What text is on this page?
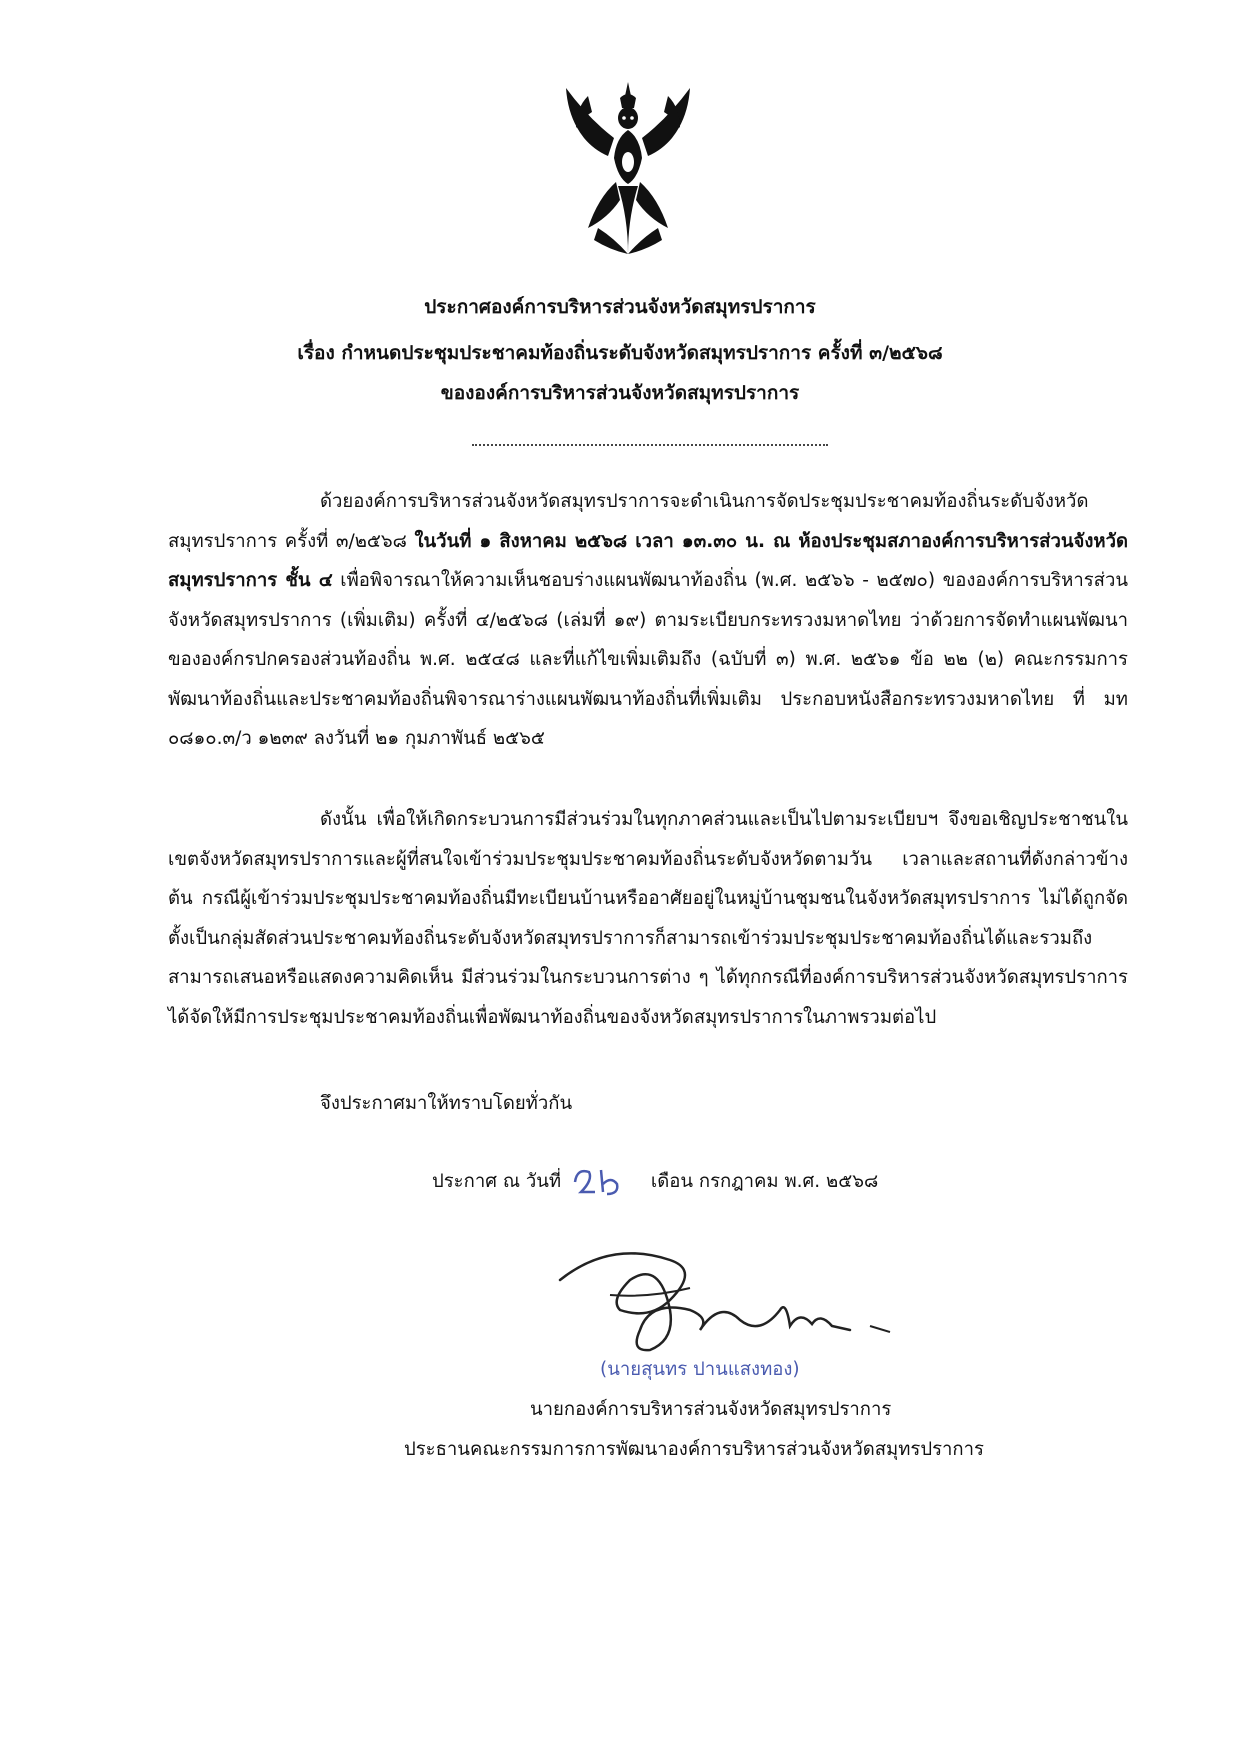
ประกาศองค์การบริหารส่วนจังหวัดสมุทรปราการ
เรื่อง กำหนดประชุมประชาคมท้องถิ่นระดับจังหวัดสมุทรปราการ ครั้งที่ ๓/๒๕๖๘
ขององค์การบริหารส่วนจังหวัดสมุทรปราการ
ด้วยองค์การบริหารส่วนจังหวัดสมุทรปราการจะดำเนินการจัดประชุมประชาคมท้องถิ่นระดับจังหวัดสมุทรปราการ ครั้งที่ ๓/๒๕๖๘ ในวันที่ ๑ สิงหาคม ๒๕๖๘ เวลา ๑๓.๓๐ น. ณ ห้องประชุมสภาองค์การบริหารส่วนจังหวัดสมุทรปราการ ชั้น ๔ เพื่อพิจารณาให้ความเห็นชอบร่างแผนพัฒนาท้องถิ่น (พ.ศ. ๒๕๖๖ - ๒๕๗๐) ขององค์การบริหารส่วนจังหวัดสมุทรปราการ (เพิ่มเติม) ครั้งที่ ๔/๒๕๖๘ (เล่มที่ ๑๙) ตามระเบียบกระทรวงมหาดไทย ว่าด้วยการจัดทำแผนพัฒนาขององค์กรปกครองส่วนท้องถิ่น พ.ศ. ๒๕๔๘ และที่แก้ไขเพิ่มเติมถึง (ฉบับที่ ๓) พ.ศ. ๒๕๖๑ ข้อ ๒๒ (๒) คณะกรรมการพัฒนาท้องถิ่นและประชาคมท้องถิ่นพิจารณาร่างแผนพัฒนาท้องถิ่นที่เพิ่มเติม ประกอบหนังสือกระทรวงมหาดไทย ที่ มท ๐๘๑๐.๓/ว ๑๒๓๙ ลงวันที่ ๒๑ กุมภาพันธ์ ๒๕๖๕
ดังนั้น เพื่อให้เกิดกระบวนการมีส่วนร่วมในทุกภาคส่วนและเป็นไปตามระเบียบฯ จึงขอเชิญประชาชนในเขตจังหวัดสมุทรปราการและผู้ที่สนใจเข้าร่วมประชุมประชาคมท้องถิ่นระดับจังหวัดตามวัน เวลาและสถานที่ดังกล่าวข้างต้น กรณีผู้เข้าร่วมประชุมประชาคมท้องถิ่นมีทะเบียนบ้านหรืออาศัยอยู่ในหมู่บ้านชุมชนในจังหวัดสมุทรปราการ ไม่ได้ถูกจัดตั้งเป็นกลุ่มสัดส่วนประชาคมท้องถิ่นระดับจังหวัดสมุทรปราการก็สามารถเข้าร่วมประชุมประชาคมท้องถิ่นได้และรวมถึงสามารถเสนอหรือแสดงความคิดเห็น มีส่วนร่วมในกระบวนการต่าง ๆ ได้ทุกกรณีที่องค์การบริหารส่วนจังหวัดสมุทรปราการได้จัดให้มีการประชุมประชาคมท้องถิ่นเพื่อพัฒนาท้องถิ่นของจังหวัดสมุทรปราการในภาพรวมต่อไป
จึงประกาศมาให้ทราบโดยทั่วกัน
ประกาศ ณ วันที่	เดือน กรกฎาคม พ.ศ. ๒๕๖๘
(นายสุนทร ปานแสงทอง)
นายกองค์การบริหารส่วนจังหวัดสมุทรปราการ
ประธานคณะกรรมการการพัฒนาองค์การบริหารส่วนจังหวัดสมุทรปราการ
